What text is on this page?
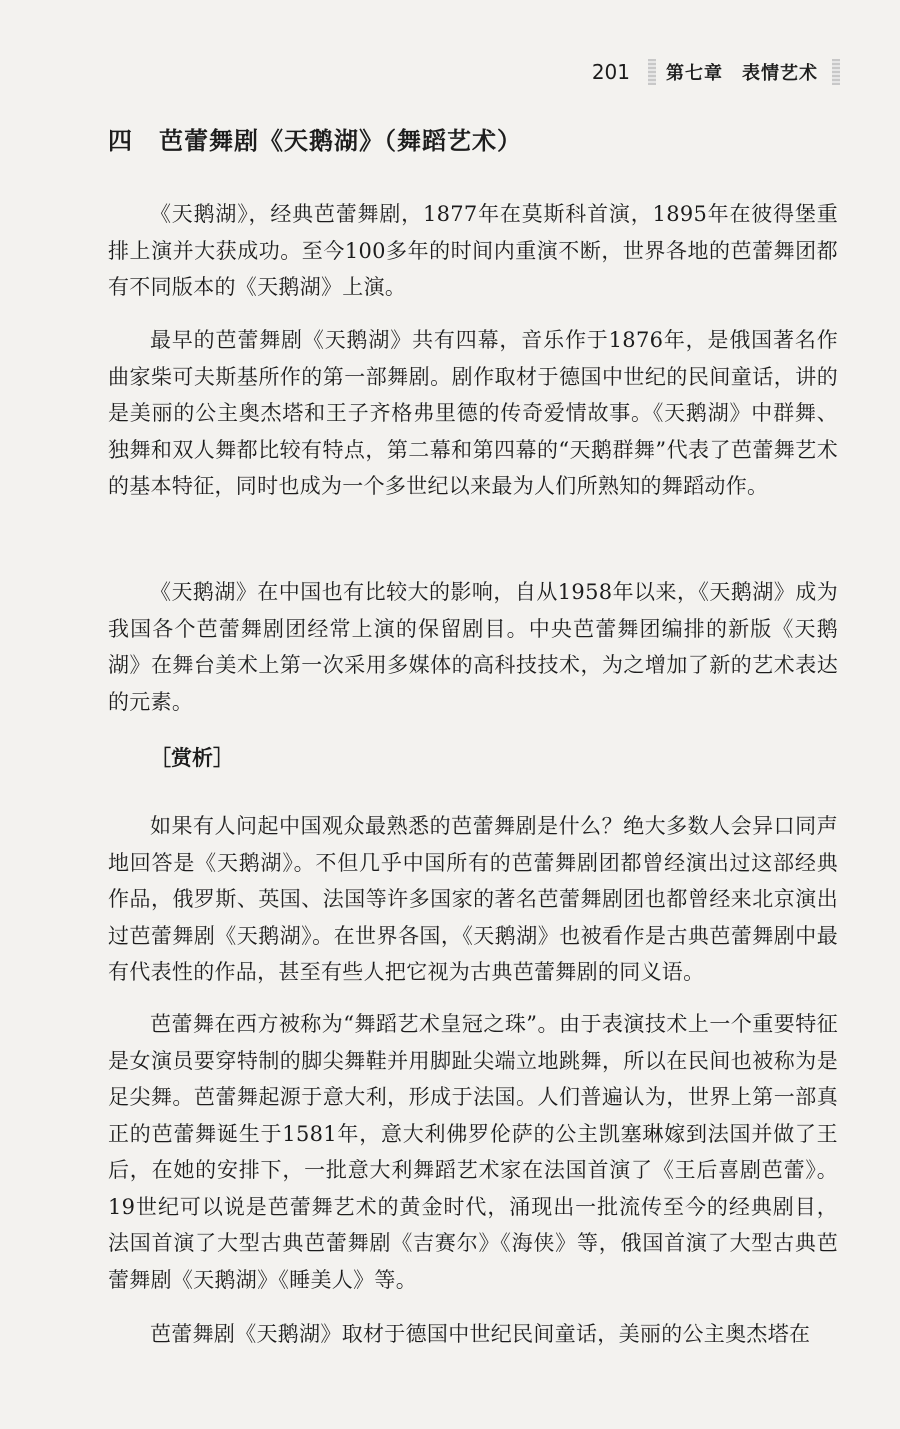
201 第七章　表情艺术
四 芭蕾舞剧《天鹅湖》（舞蹈艺术）

《天鹅湖》，经典芭蕾舞剧，1877年在莫斯科首演，1895年在彼得堡重排上演并大获成功。至今100多年的时间内重演不断，世界各地的芭蕾舞团都有不同版本的《天鹅湖》上演。

最早的芭蕾舞剧《天鹅湖》共有四幕，音乐作于1876年，是俄国著名作曲家柴可夫斯基所作的第一部舞剧。剧作取材于德国中世纪的民间童话，讲的是美丽的公主奥杰塔和王子齐格弗里德的传奇爱情故事。《天鹅湖》中群舞、独舞和双人舞都比较有特点，第二幕和第四幕的“天鹅群舞”代表了芭蕾舞艺术的基本特征，同时也成为一个多世纪以来最为人们所熟知的舞蹈动作。

《天鹅湖》在中国也有比较大的影响，自从1958年以来，《天鹅湖》成为我国各个芭蕾舞剧团经常上演的保留剧目。中央芭蕾舞团编排的新版《天鹅湖》在舞台美术上第一次采用多媒体的高科技技术，为之增加了新的艺术表达的元素。

［赏析］

如果有人问起中国观众最熟悉的芭蕾舞剧是什么？绝大多数人会异口同声地回答是《天鹅湖》。不但几乎中国所有的芭蕾舞剧团都曾经演出过这部经典作品，俄罗斯、英国、法国等许多国家的著名芭蕾舞剧团也都曾经来北京演出过芭蕾舞剧《天鹅湖》。在世界各国，《天鹅湖》也被看作是古典芭蕾舞剧中最有代表性的作品，甚至有些人把它视为古典芭蕾舞剧的同义语。

芭蕾舞在西方被称为“舞蹈艺术皇冠之珠”。由于表演技术上一个重要特征是女演员要穿特制的脚尖舞鞋并用脚趾尖端立地跳舞，所以在民间也被称为是足尖舞。芭蕾舞起源于意大利，形成于法国。人们普遍认为，世界上第一部真正的芭蕾舞诞生于1581年，意大利佛罗伦萨的公主凯塞琳嫁到法国并做了王后，在她的安排下，一批意大利舞蹈艺术家在法国首演了《王后喜剧芭蕾》。19世纪可以说是芭蕾舞艺术的黄金时代，涌现出一批流传至今的经典剧目，法国首演了大型古典芭蕾舞剧《吉赛尔》《海侠》等，俄国首演了大型古典芭蕾舞剧《天鹅湖》《睡美人》等。

芭蕾舞剧《天鹅湖》取材于德国中世纪民间童话，美丽的公主奥杰塔在
